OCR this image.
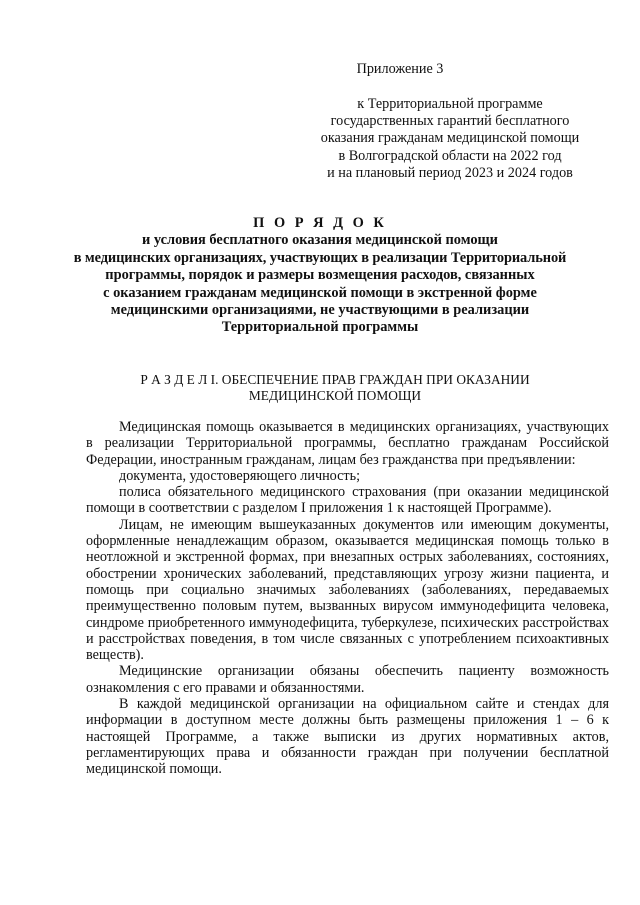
Приложение 3
к Территориальной программе
государственных гарантий бесплатного
оказания гражданам медицинской помощи
в Волгоградской области на 2022 год
и на плановый период 2023 и 2024 годов
П О Р Я Д О К
и условия бесплатного оказания медицинской помощи
в медицинских организациях, участвующих в реализации Территориальной
программы, порядок и размеры возмещения расходов, связанных
с оказанием гражданам медицинской помощи в экстренной форме
медицинскими организациями, не участвующими в реализации
Территориальной программы
Р А З Д Е Л I. ОБЕСПЕЧЕНИЕ ПРАВ ГРАЖДАН ПРИ ОКАЗАНИИ
МЕДИЦИНСКОЙ ПОМОЩИ

Медицинская помощь оказывается в медицинских организациях, участвующих в реализации Территориальной программы, бесплатно гражданам Российской Федерации, иностранным гражданам, лицам без гражданства при предъявлении:

документа, удостоверяющего личность;

полиса обязательного медицинского страхования (при оказании медицинской помощи в соответствии с разделом I приложения 1 к настоящей Программе).

Лицам, не имеющим вышеуказанных документов или имеющим документы, оформленные ненадлежащим образом, оказывается медицинская помощь только в неотложной и экстренной формах, при внезапных острых заболеваниях, состояниях, обострении хронических заболеваний, представляющих угрозу жизни пациента, и помощь при социально значимых заболеваниях (заболеваниях, передаваемых преимущественно половым путем, вызванных вирусом иммунодефицита человека, синдроме приобретенного иммунодефицита, туберкулезе, психических расстройствах и расстройствах поведения, в том числе связанных с употреблением психоактивных веществ).

Медицинские организации обязаны обеспечить пациенту возможность ознакомления с его правами и обязанностями.

В каждой медицинской организации на официальном сайте и стендах для информации в доступном месте должны быть размещены приложения 1 – 6 к настоящей Программе, а также выписки из других нормативных актов, регламентирующих права и обязанности граждан при получении бесплатной медицинской помощи.
